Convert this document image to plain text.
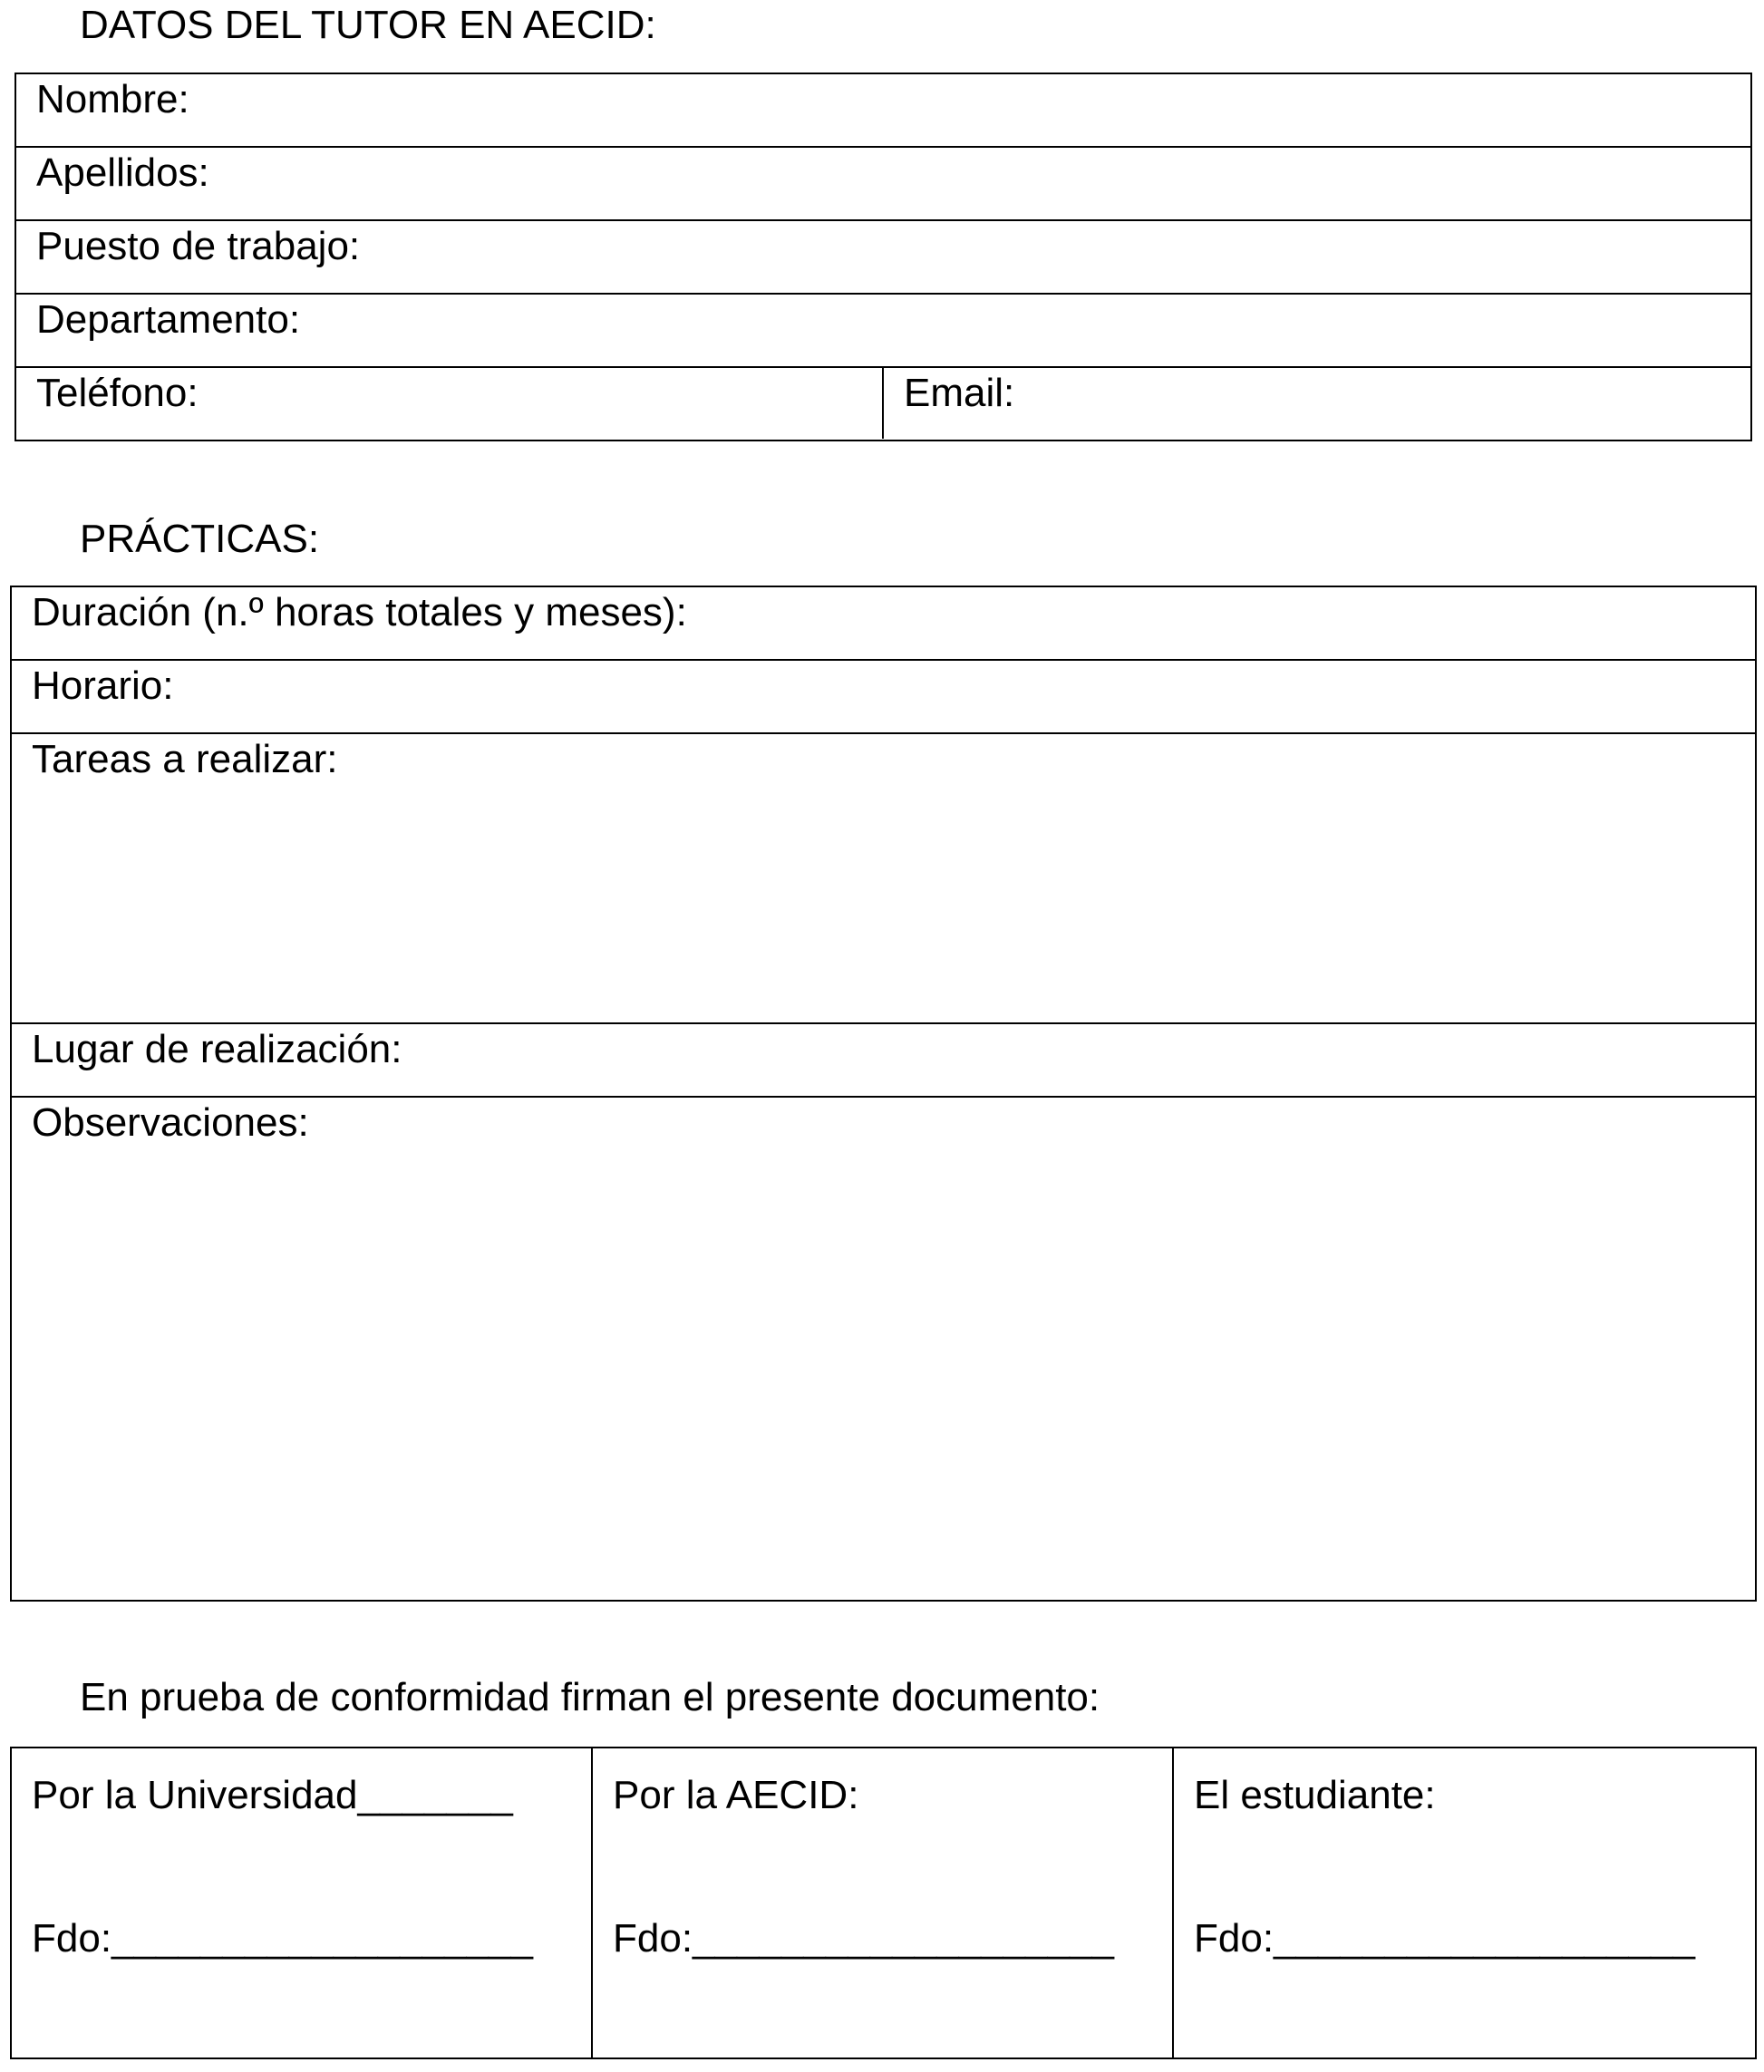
DATOS DEL TUTOR EN AECID:
Nombre:
Apellidos:
Puesto de trabajo:
Departamento:
Teléfono:	Email:
PRÁCTICAS:
Duración (n.º horas totales y meses):
Horario:
Tareas a realizar:
Lugar de realización:
Observaciones:
En prueba de conformidad firman el presente documento:
Por la Universidad_______
Fdo:___________________
Por la AECID:
Fdo:___________________
El estudiante:
Fdo:___________________
